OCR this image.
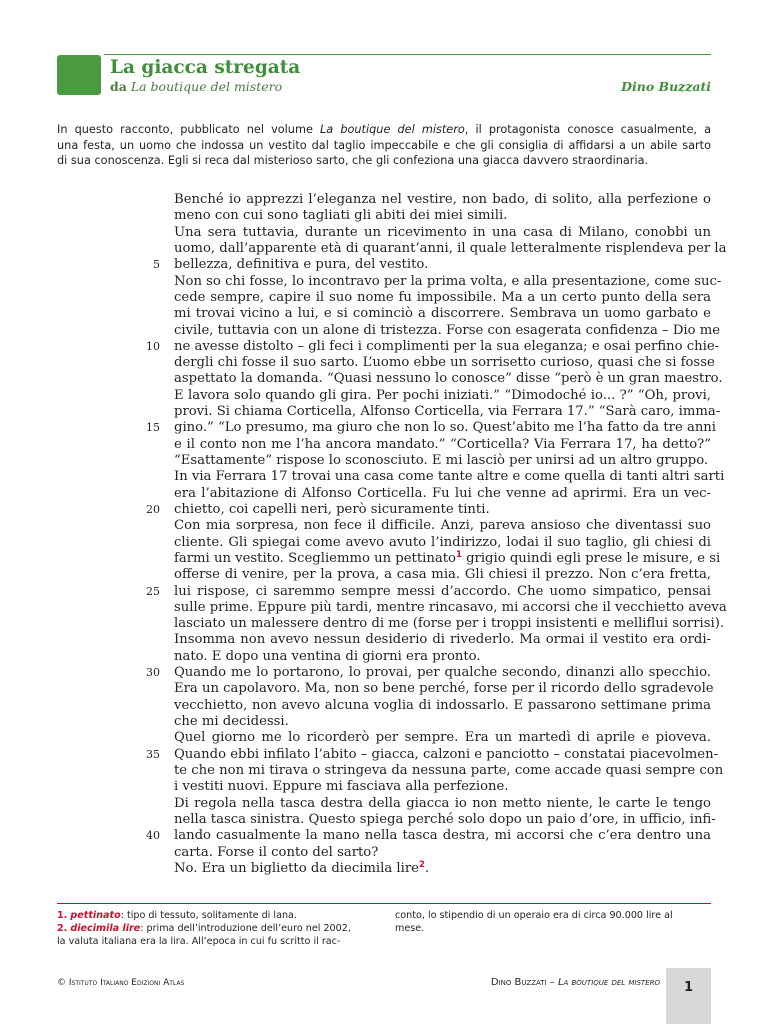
La giacca stregata
da La boutique del mistero	Dino Buzzati
In questo racconto, pubblicato nel volume La boutique del mistero, il protagonista conosce casualmente, a
una festa, un uomo che indossa un vestito dal taglio impeccabile e che gli consiglia di affidarsi a un abile sarto
di sua conoscenza. Egli si reca dal misterioso sarto, che gli confeziona una giacca davvero straordinaria.
5
10
15
20
25
30
35
40
Benché io apprezzi l’eleganza nel vestire, non bado, di solito, alla perfezione o
meno con cui sono tagliati gli abiti dei miei simili.
Una sera tuttavia, durante un ricevimento in una casa di Milano, conobbi un
uomo, dall’apparente età di quarant’anni, il quale letteralmente risplendeva per la
bellezza, definitiva e pura, del vestito.
Non so chi fosse, lo incontravo per la prima volta, e alla presentazione, come suc-
cede sempre, capire il suo nome fu impossibile. Ma a un certo punto della sera
mi trovai vicino a lui, e si cominciò a discorrere. Sembrava un uomo garbato e
civile, tuttavia con un alone di tristezza. Forse con esagerata confidenza – Dio me
ne avesse distolto – gli feci i complimenti per la sua eleganza; e osai perfino chie-
dergli chi fosse il suo sarto. L’uomo ebbe un sorrisetto curioso, quasi che si fosse
aspettato la domanda. “Quasi nessuno lo conosce” disse “però è un gran maestro.
E lavora solo quando gli gira. Per pochi iniziati.” “Dimodoché io... ?” “Oh, provi,
provi. Si chiama Corticella, Alfonso Corticella, via Ferrara 17.” “Sarà caro, imma-
gino.” “Lo presumo, ma giuro che non lo so. Quest’abito me l’ha fatto da tre anni
e il conto non me l’ha ancora mandato.” “Corticella? Via Ferrara 17, ha detto?”
“Esattamente” rispose lo sconosciuto. E mi lasciò per unirsi ad un altro gruppo.
In via Ferrara 17 trovai una casa come tante altre e come quella di tanti altri sarti
era l’abitazione di Alfonso Corticella. Fu lui che venne ad aprirmi. Era un vec-
chietto, coi capelli neri, però sicuramente tinti.
Con mia sorpresa, non fece il difficile. Anzi, pareva ansioso che diventassi suo
cliente. Gli spiegai come avevo avuto l’indirizzo, lodai il suo taglio, gli chiesi di
farmi un vestito. Scegliemmo un pettinato$^1$ grigio quindi egli prese le misure, e si
offerse di venire, per la prova, a casa mia. Gli chiesi il prezzo. Non c’era fretta,
lui rispose, ci saremmo sempre messi d’accordo. Che uomo simpatico, pensai
sulle prime. Eppure più tardi, mentre rincasavo, mi accorsi che il vecchietto aveva
lasciato un malessere dentro di me (forse per i troppi insistenti e melliflui sorrisi).
Insomma non avevo nessun desiderio di rivederlo. Ma ormai il vestito era ordi-
nato. E dopo una ventina di giorni era pronto.
Quando me lo portarono, lo provai, per qualche secondo, dinanzi allo specchio.
Era un capolavoro. Ma, non so bene perché, forse per il ricordo dello sgradevole
vecchietto, non avevo alcuna voglia di indossarlo. E passarono settimane prima
che mi decidessi.
Quel giorno me lo ricorderò per sempre. Era un martedì di aprile e pioveva.
Quando ebbi infilato l’abito – giacca, calzoni e panciotto – constatai piacevolmen-
te che non mi tirava o stringeva da nessuna parte, come accade quasi sempre con
i vestiti nuovi. Eppure mi fasciava alla perfezione.
Di regola nella tasca destra della giacca io non metto niente, le carte le tengo
nella tasca sinistra. Questo spiega perché solo dopo un paio d’ore, in ufficio, infi-
lando casualmente la mano nella tasca destra, mi accorsi che c’era dentro una
carta. Forse il conto del sarto?
No. Era un biglietto da diecimila lire$^2$.
1. pettinato: tipo di tessuto, solitamente di lana.
2. diecimila lire: prima dell’introduzione dell’euro nel 2002,
la valuta italiana era la lira. All’epoca in cui fu scritto il rac-
conto, lo stipendio di un operaio era di circa 90.000 lire al
mese.
© Istituto Italiano Edizioni Atlas	Dino Buzzati – La boutique del mistero	1
